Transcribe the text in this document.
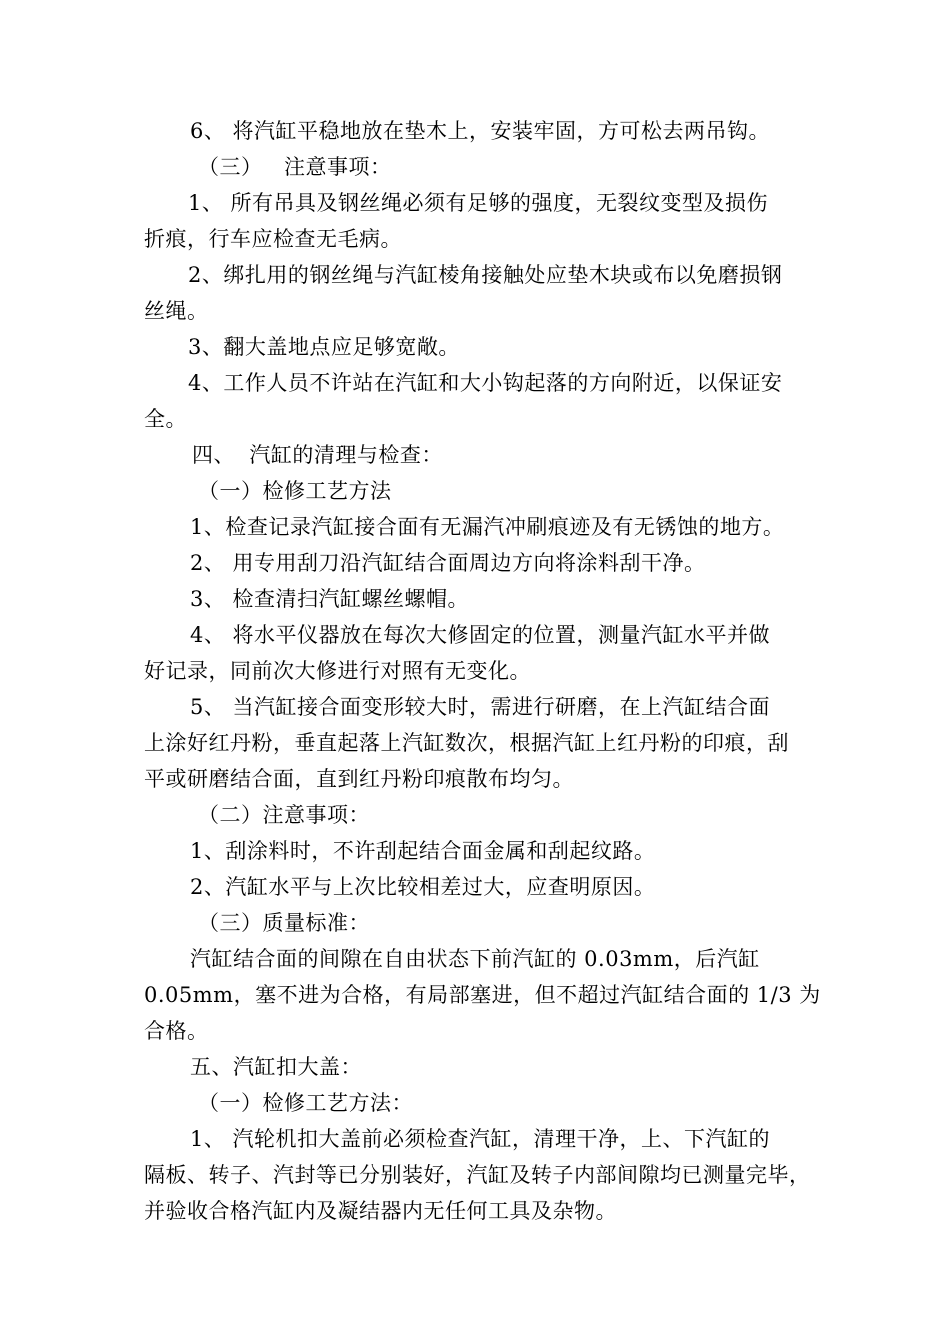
6、 将汽缸平稳地放在垫木上，安装牢固，方可松去两吊钩。
（三）   注意事项：
1、 所有吊具及钢丝绳必须有足够的强度，无裂纹变型及损伤
折痕，行车应检查无毛病。
2、绑扎用的钢丝绳与汽缸棱角接触处应垫木块或布以免磨损钢
丝绳。
3、翻大盖地点应足够宽敞。
4、工作人员不许站在汽缸和大小钩起落的方向附近，以保证安
全。
四、  汽缸的清理与检查：
（一）检修工艺方法
1、检查记录汽缸接合面有无漏汽冲刷痕迹及有无锈蚀的地方。
2、 用专用刮刀沿汽缸结合面周边方向将涂料刮干净。
3、 检查清扫汽缸螺丝螺帽。
4、 将水平仪器放在每次大修固定的位置，测量汽缸水平并做
好记录，同前次大修进行对照有无变化。
5、 当汽缸接合面变形较大时，需进行研磨，在上汽缸结合面
上涂好红丹粉，垂直起落上汽缸数次，根据汽缸上红丹粉的印痕，刮
平或研磨结合面，直到红丹粉印痕散布均匀。
（二）注意事项：
1、刮涂料时，不许刮起结合面金属和刮起纹路。
2、汽缸水平与上次比较相差过大，应查明原因。
（三）质量标准：
汽缸结合面的间隙在自由状态下前汽缸的 0.03mm，后汽缸
0.05mm，塞不进为合格，有局部塞进，但不超过汽缸结合面的 1/3 为
合格。
五、汽缸扣大盖：
（一）检修工艺方法：
1、 汽轮机扣大盖前必须检查汽缸，清理干净，上、下汽缸的
隔板、转子、汽封等已分别装好，汽缸及转子内部间隙均已测量完毕，
并验收合格汽缸内及凝结器内无任何工具及杂物。
